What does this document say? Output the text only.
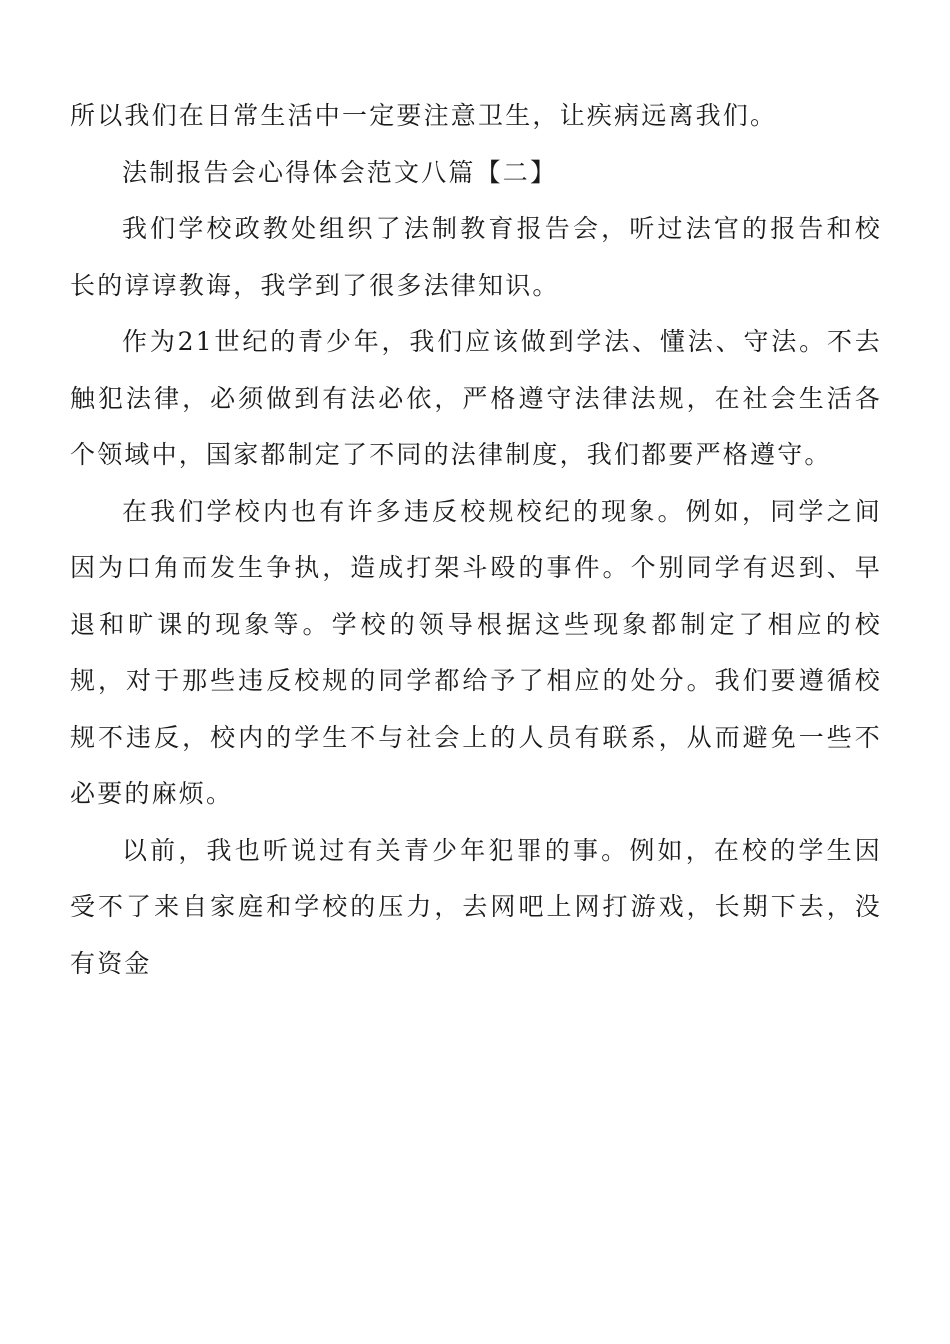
所以我们在日常生活中一定要注意卫生，让疾病远离我们。

法制报告会心得体会范文八篇【二】

我们学校政教处组织了法制教育报告会，听过法官的报告和校长的谆谆教诲，我学到了很多法律知识。

作为21世纪的青少年，我们应该做到学法、懂法、守法。不去触犯法律，必须做到有法必依，严格遵守法律法规，在社会生活各个领域中，国家都制定了不同的法律制度，我们都要严格遵守。

在我们学校内也有许多违反校规校纪的现象。例如，同学之间因为口角而发生争执，造成打架斗殴的事件。个别同学有迟到、早退和旷课的现象等。学校的领导根据这些现象都制定了相应的校规，对于那些违反校规的同学都给予了相应的处分。我们要遵循校规不违反，校内的学生不与社会上的人员有联系，从而避免一些不必要的麻烦。

以前，我也听说过有关青少年犯罪的事。例如，在校的学生因受不了来自家庭和学校的压力，去网吧上网打游戏，长期下去，没有资金
